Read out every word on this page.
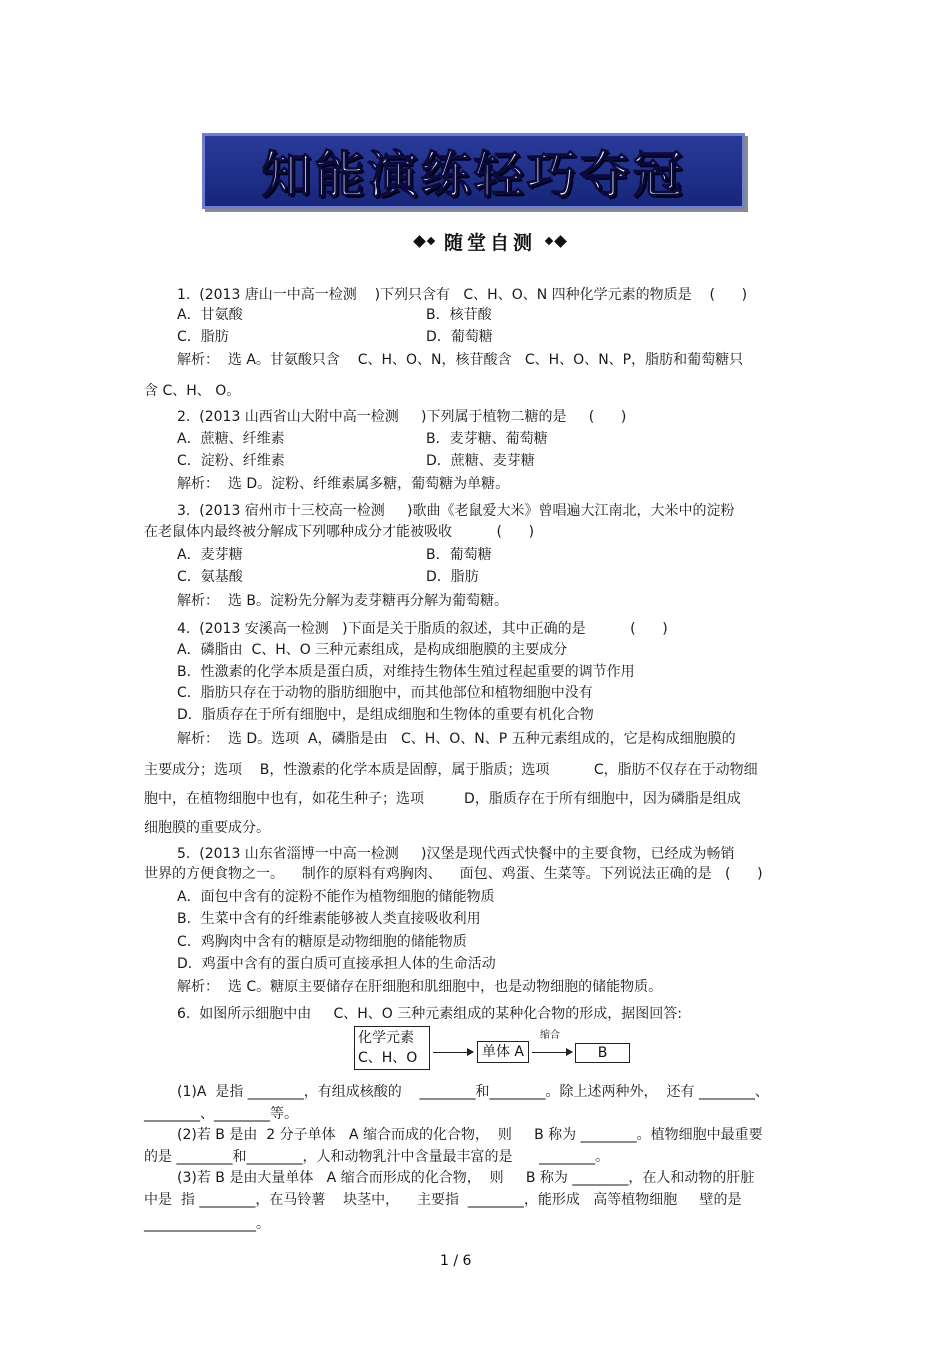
知能演练轻巧夺冠
随堂自测
1.  (2013 唐山一中高一检测    )下列只含有   C、H、O、N 四种化学元素的物质是    (      )
A．甘氨酸	B．核苷酸
C．脂肪	D．葡萄糖
解析：  选 A。甘氨酸只含    C、H、O、N，核苷酸含   C、H、O、N、P，脂肪和葡萄糖只
含 C、H、 O。
2.  (2013 山西省山大附中高一检测     )下列属于植物二糖的是     (      )
A．蔗糖、纤维素	B．麦芽糖、葡萄糖
C．淀粉、纤维素	D．蔗糖、麦芽糖
解析：  选 D。淀粉、纤维素属多糖，葡萄糖为单糖。
3.  (2013 宿州市十三校高一检测     )歌曲《老鼠爱大米》曾唱遍大江南北，大米中的淀粉
在老鼠体内最终被分解成下列哪种成分才能被吸收          (      )
A．麦芽糖	B．葡萄糖
C．氨基酸	D．脂肪
解析：  选 B。淀粉先分解为麦芽糖再分解为葡萄糖。
4.  (2013 安溪高一检测   )下面是关于脂质的叙述，其中正确的是          (      )
A．磷脂由  C、H、O 三种元素组成，是构成细胞膜的主要成分
B．性激素的化学本质是蛋白质，对维持生物体生殖过程起重要的调节作用
C．脂肪只存在于动物的脂肪细胞中，而其他部位和植物细胞中没有
D．脂质存在于所有细胞中，是组成细胞和生物体的重要有机化合物
解析：  选 D。选项  A，磷脂是由   C、H、O、N、P 五种元素组成的，它是构成细胞膜的
主要成分；选项    B，性激素的化学本质是固醇，属于脂质；选项          C，脂肪不仅存在于动物细
胞中，在植物细胞中也有，如花生种子；选项         D，脂质存在于所有细胞中，因为磷脂是组成
细胞膜的重要成分。
5.  (2013 山东省淄博一中高一检测     )汉堡是现代西式快餐中的主要食物，已经成为畅销
世界的方便食物之一。    制作的原料有鸡胸肉、    面包、鸡蛋、生菜等。下列说法正确的是   (      )
A．面包中含有的淀粉不能作为植物细胞的储能物质
B．生菜中含有的纤维素能够被人类直接吸收利用
C．鸡胸肉中含有的糖原是动物细胞的储能物质
D．鸡蛋中含有的蛋白质可直接承担人体的生命活动
解析：  选 C。糖原主要储存在肝细胞和肌细胞中，也是动物细胞的储能物质。
6.  如图所示细胞中由     C、H、O 三种元素组成的某种化合物的形成，据图回答:
化学元素
C、H、O	单体 A
缩合
B
(1)A  是指 ________，有组成核酸的    ________和________。除上述两种外，  还有 ________、
________、________等。
(2)若 B 是由  2 分子单体   A 缩合而成的化合物，  则     B 称为 ________。植物细胞中最重要
的是 ________和________，人和动物乳汁中含量最丰富的是      ________。
(3)若 B 是由大量单体   A 缩合而形成的化合物，  则     B 称为 ________，在人和动物的肝脏
中是  指 ________，在马铃薯    块茎中，    主要指  ________，能形成   高等植物细胞     壁的是
________________。
1 / 6
